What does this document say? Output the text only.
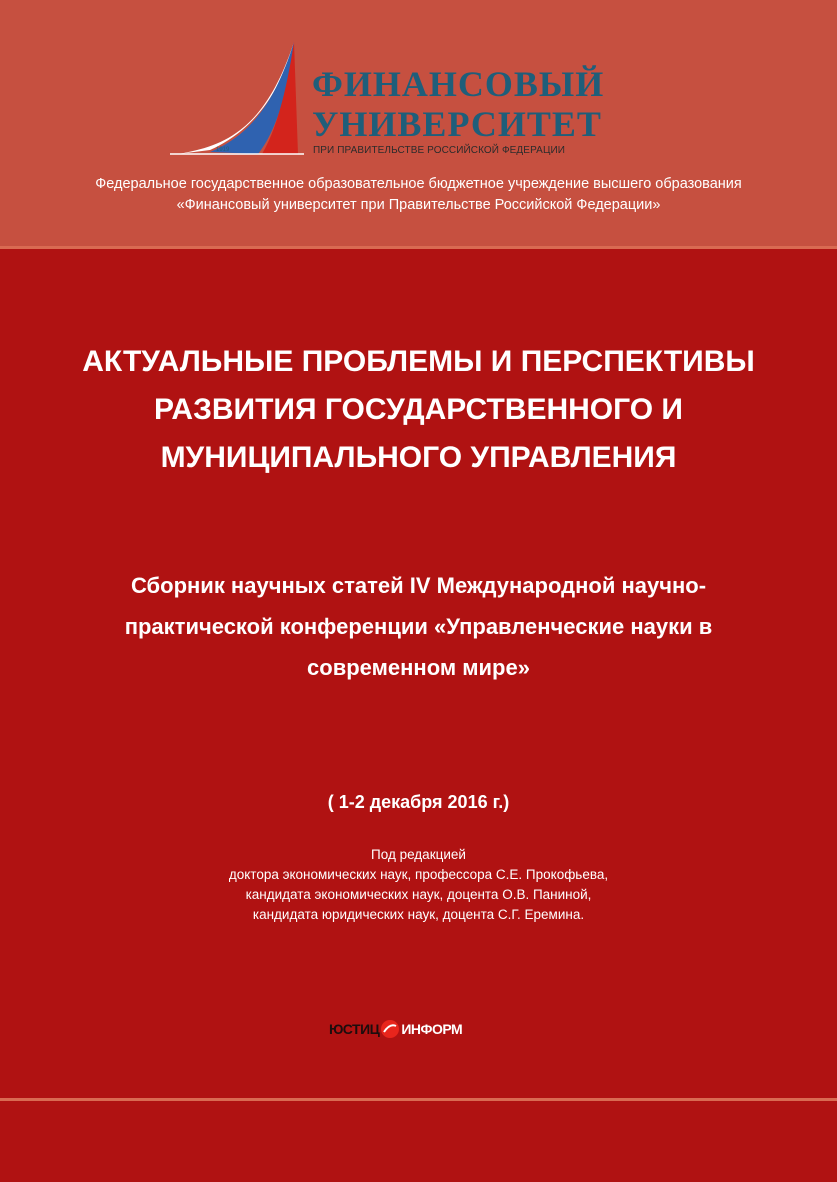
1919
ФИНАНСОВЫЙ
УНИВЕРСИТЕТ

ПРИ ПРАВИТЕЛЬСТВЕ РОССИЙСКОЙ ФЕДЕРАЦИИ

Федеральное государственное образовательное бюджетное учреждение высшего образования «Финансовый университет при Правительстве Российской Федерации»

АКТУАЛЬНЫЕ ПРОБЛЕМЫ И ПЕРСПЕКТИВЫ РАЗВИТИЯ ГОСУДАРСТВЕННОГО И МУНИЦИПАЛЬНОГО УПРАВЛЕНИЯ
Сборник научных статей IV Международной научно-практической конференции «Управленческие науки в современном мире»

( 1-2 декабря 2016 г.)

Под редакцией
доктора экономических наук, профессора С.Е. Прокофьева,
кандидата экономических наук, доцента О.В. Паниной,
кандидата юридических наук, доцента С.Г. Еремина.

ЮСТИЦ ИНФОРМ
